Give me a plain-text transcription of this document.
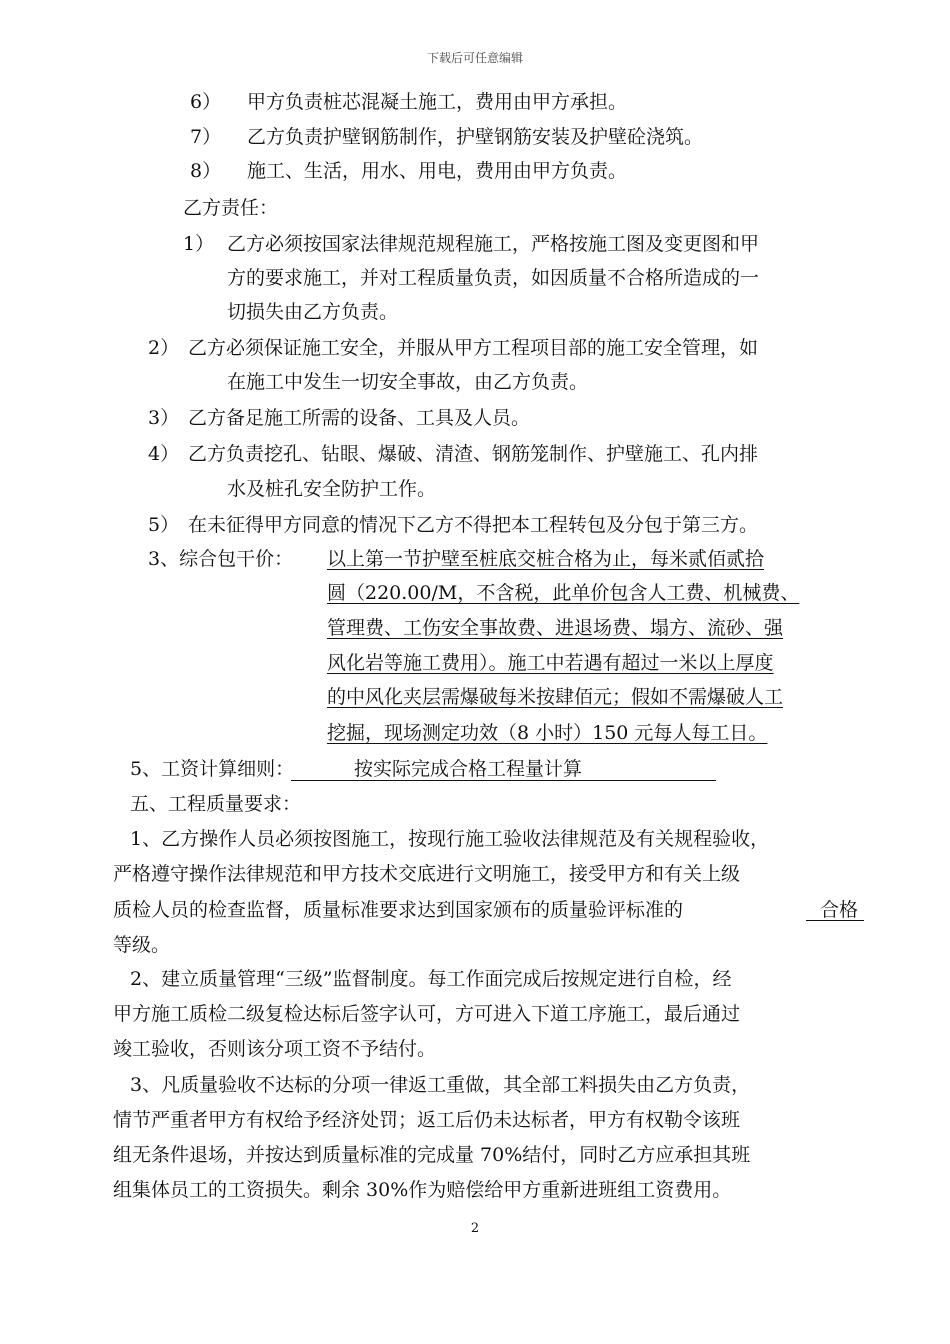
下载后可任意编辑
6） 甲方负责桩芯混凝土施工，费用由甲方承担。
7） 乙方负责护壁钢筋制作，护壁钢筋安装及护壁砼浇筑。
8） 施工、生活，用水、用电，费用由甲方负责。
乙方责任：
1） 乙方必须按国家法律规范规程施工，严格按施工图及变更图和甲
方的要求施工，并对工程质量负责，如因质量不合格所造成的一
切损失由乙方负责。
2） 乙方必须保证施工安全，并服从甲方工程项目部的施工安全管理，如
在施工中发生一切安全事故，由乙方负责。
3） 乙方备足施工所需的设备、工具及人员。
4） 乙方负责挖孔、钻眼、爆破、清渣、钢筋笼制作、护壁施工、孔内排
水及桩孔安全防护工作。
5） 在未征得甲方同意的情况下乙方不得把本工程转包及分包于第三方。
3、综合包干价： 以上第一节护壁至桩底交桩合格为止，每米贰佰贰拾
圆（220.00/M，不含税，此单价包含人工费、机械费、
管理费、工伤安全事故费、进退场费、塌方、流砂、强
风化岩等施工费用）。施工中若遇有超过一米以上厚度
的中风化夹层需爆破每米按肆佰元；假如不需爆破人工
挖掘，现场测定功效（8 小时）150 元每人每工日。
5、工资计算细则：	按实际完成合格工程量计算
五、工程质量要求：
1、乙方操作人员必须按图施工，按现行施工验收法律规范及有关规程验收，
严格遵守操作法律规范和甲方技术交底进行文明施工，接受甲方和有关上级
质检人员的检查监督，质量标准要求达到国家颁布的质量验评标准的	合格
等级。
2、建立质量管理“三级”监督制度。每工作面完成后按规定进行自检，经
甲方施工质检二级复检达标后签字认可，方可进入下道工序施工，最后通过
竣工验收，否则该分项工资不予结付。
3、凡质量验收不达标的分项一律返工重做，其全部工料损失由乙方负责，
情节严重者甲方有权给予经济处罚；返工后仍未达标者，甲方有权勒令该班
组无条件退场，并按达到质量标准的完成量 70%结付，同时乙方应承担其班
组集体员工的工资损失。剩余 30%作为赔偿给甲方重新进班组工资费用。
2
